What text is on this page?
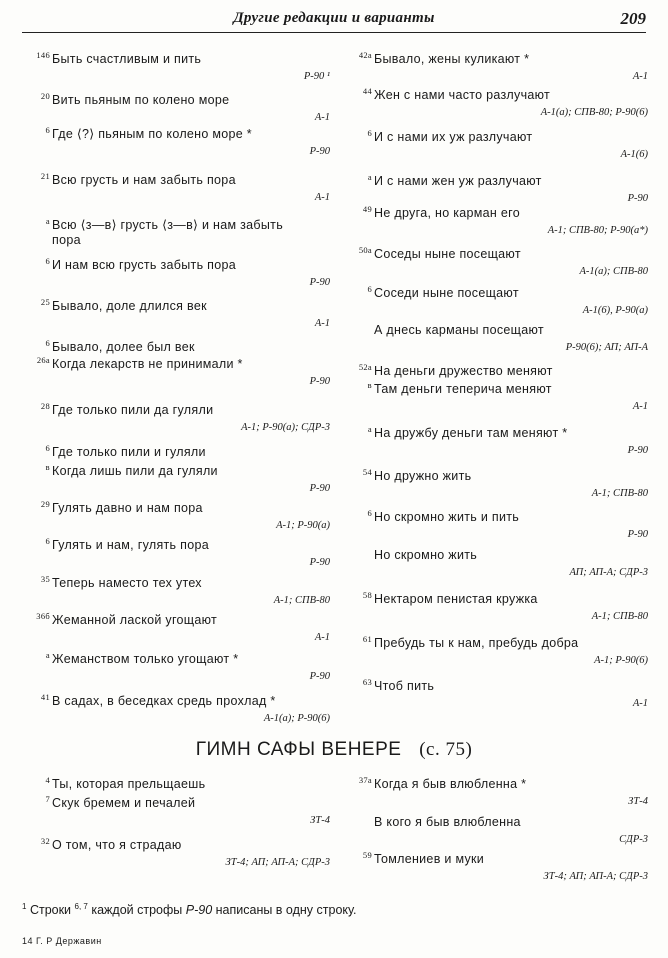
Другие редакции и варианты	209
146 Быть счастливым и пить
Р-90 ¹
20 Вить пьяным по колено море
А-1
6 Где ⟨?⟩ пьяным по колено море *
Р-90
21 Всю грусть и нам забыть пора
А-1
a Всю ⟨з—в⟩ грусть ⟨з—в⟩ и нам забыть
пора
6 И нам всю грусть забыть пора
Р-90
25 Бывало, доле длился век
А-1
6 Бывало, долее был век
26а Когда лекарств не принимали *
Р-90
28 Где только пили да гуляли
А-1; Р-90(а); СДР-3
6 Где только пили и гуляли
в Когда лишь пили да гуляли
Р-90
29 Гулять давно и нам пора
А-1; Р-90(а)
6 Гулять и нам, гулять пора
Р-90
35 Теперь наместо тех утех
А-1; СПВ-80
36б Жеманной лаской угощают
А-1
а Жеманством только угощают *
Р-90
41 В садах, в беседках средь прохлад *
А-1(а); Р-90(6)
42а Бывало, жены куликают *
А-1
44 Жен с нами часто разлучают
А-1(а); СПВ-80; Р-90(6)
6 И с нами их уж разлучают
А-1(6)
а И с нами жен уж разлучают
Р-90
49 Не друга, но карман его
А-1; СПВ-80; Р-90(а*)
50а Соседы ныне посещают
А-1(а); СПВ-80
6 Соседи ныне посещают
А-1(6), Р-90(а)
А днесь карманы посещают
Р-90(6); АП; АП-А
52а На деньги дружество меняют
в Там деньги теперича меняют
А-1
а На дружбу деньги там меняют *
Р-90
54 Но дружно жить
А-1; СПВ-80
6 Но скромно жить и пить
Р-90
Но скромно жить
АП; АП-А; СДР-3
58 Нектаром пенистая кружка
А-1; СПВ-80
61 Пребудь ты к нам, пребудь добра
А-1; Р-90(6)
63 Чтоб пить
А-1
ГИМН САФЫ ВЕНЕРЕ (с. 75)
4 Ты, которая прельщаешь
7 Скук бремем и печалей
ЗТ-4
32 О том, что я страдаю
ЗТ-4; АП; АП-А; СДР-3
37а Когда я быв влюбленна *
ЗТ-4
В кого я быв влюбленна
СДР-3
59 Томлениев и муки
ЗТ-4; АП; АП-А; СДР-3
$^1$ Строки $^{6, 7}$ каждой строфы Р-90 написаны в одну строку.
14 Г. Р Державин
